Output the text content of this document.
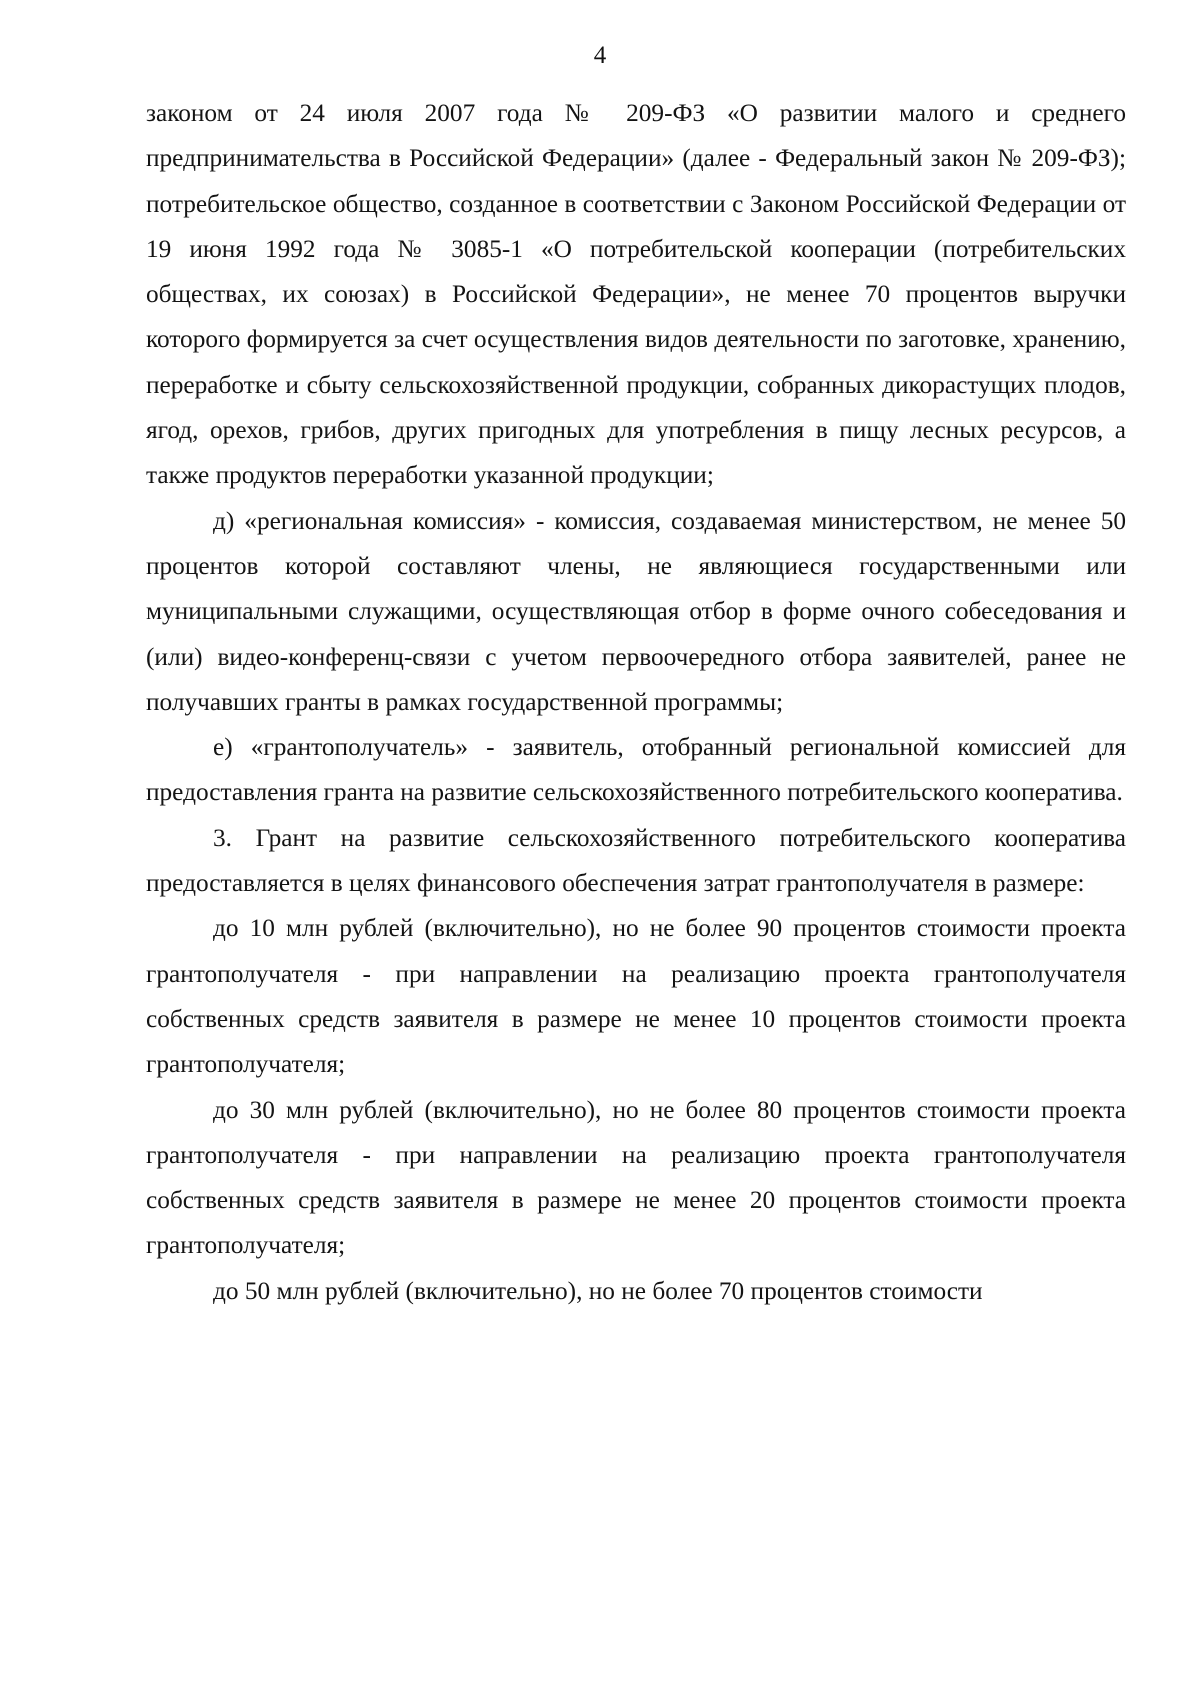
4

законом от 24 июля 2007 года № 209-ФЗ «О развитии малого и среднего предпринимательства в Российской Федерации» (далее - Федеральный закон № 209-ФЗ); потребительское общество, созданное в соответствии с Законом Российской Федерации от 19 июня 1992 года № 3085-1 «О потребительской кооперации (потребительских обществах, их союзах) в Российской Федерации», не менее 70 процентов выручки которого формируется за счет осуществления видов деятельности по заготовке, хранению, переработке и сбыту сельскохозяйственной продукции, собранных дикорастущих плодов, ягод, орехов, грибов, других пригодных для употребления в пищу лесных ресурсов, а также продуктов переработки указанной продукции;

д) «региональная комиссия» - комиссия, создаваемая министерством, не менее 50 процентов которой составляют члены, не являющиеся государственными или муниципальными служащими, осуществляющая отбор в форме очного собеседования и (или) видео-конференц-связи с учетом первоочередного отбора заявителей, ранее не получавших гранты в рамках государственной программы;

е) «грантополучатель» - заявитель, отобранный региональной комиссией для предоставления гранта на развитие сельскохозяйственного потребительского кооператива.

3. Грант на развитие сельскохозяйственного потребительского кооператива предоставляется в целях финансового обеспечения затрат грантополучателя в размере:

до 10 млн рублей (включительно), но не более 90 процентов стоимости проекта грантополучателя - при направлении на реализацию проекта грантополучателя собственных средств заявителя в размере не менее 10 процентов стоимости проекта грантополучателя;

до 30 млн рублей (включительно), но не более 80 процентов стоимости проекта грантополучателя - при направлении на реализацию проекта грантополучателя собственных средств заявителя в размере не менее 20 процентов стоимости проекта грантополучателя;

до 50 млн рублей (включительно), но не более 70 процентов стоимости
